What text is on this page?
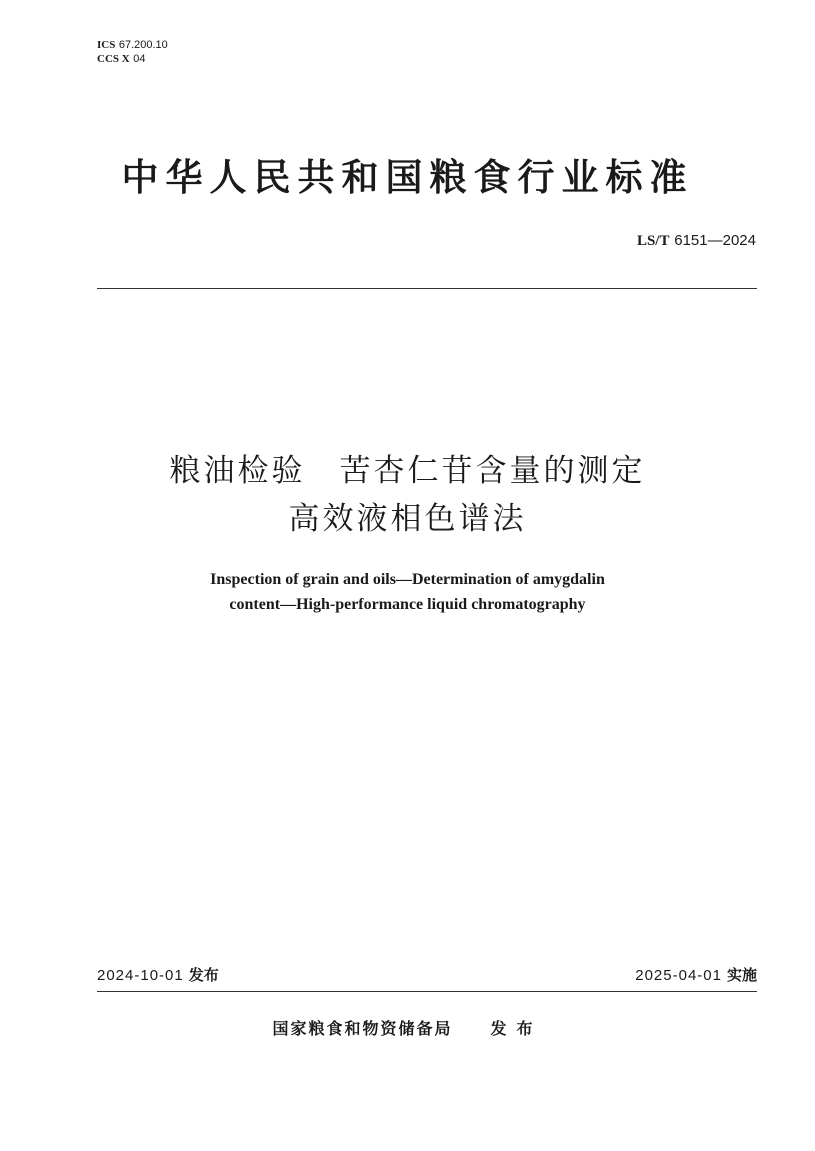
ICS 67.200.10
CCS X 04
中华人民共和国粮食行业标准
LS/T 6151—2024
粮油检验　苦杏仁苷含量的测定
高效液相色谱法
Inspection of grain and oils—Determination of amygdalin
content—High-performance liquid chromatography
2024-10-01 发布	2025-04-01 实施
国家粮食和物资储备局 发布
